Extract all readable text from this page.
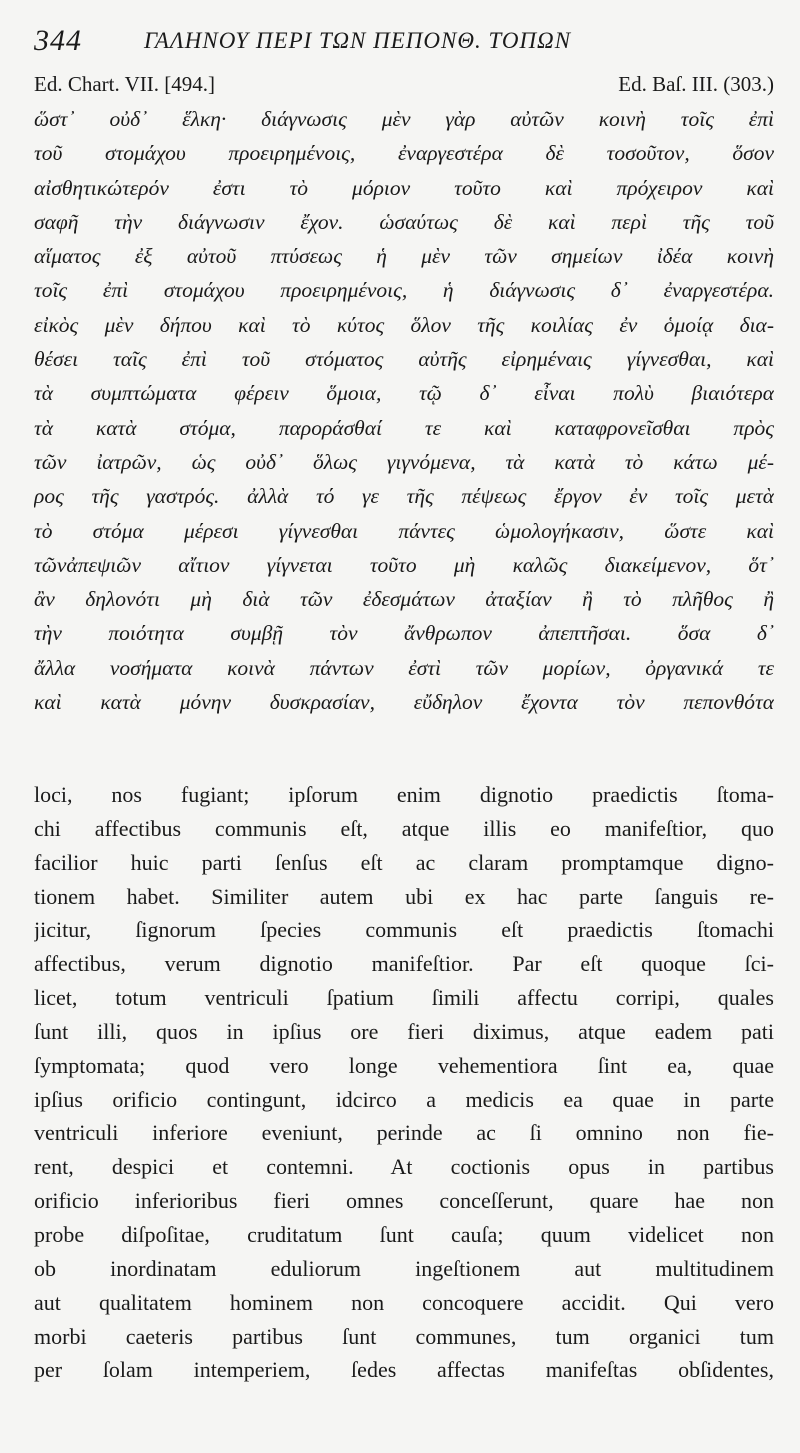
344	ΓΑΛΗΝΟΥ ΠΕΡΙ ΤΩΝ ΠΕΠΟΝΘ. ΤΟΠΩΝ
Ed. Chart. VII. [494.]	Ed. Baſ. III. (303.)
ὥστ᾽ οὐδ᾽ ἕλκη· διάγνωσις μὲν γὰρ αὐτῶν κοινὴ τοῖς ἐπὶ
τοῦ στομάχου προειρημένοις, ἐναργεστέρα δὲ τοσοῦτον, ὅσον
αἰσθητικώτερόν ἐστι τὸ μόριον τοῦτο καὶ πρόχειρον καὶ
σαφῆ τὴν διάγνωσιν ἔχον. ὡσαύτως δὲ καὶ περὶ τῆς τοῦ
αἵματος ἐξ αὐτοῦ πτύσεως ἡ μὲν τῶν σημείων ἰδέα κοινὴ
τοῖς ἐπὶ στομάχου προειρημένοις, ἡ διάγνωσις δ᾽ ἐναργεστέρα.
εἰκὸς μὲν δήπου καὶ τὸ κύτος ὅλον τῆς κοιλίας ἐν ὁμοίᾳ δια-
θέσει ταῖς ἐπὶ τοῦ στόματος αὐτῆς εἰρημέναις γίγνεσθαι, καὶ
τὰ συμπτώματα φέρειν ὅμοια, τῷ δ᾽ εἶναι πολὺ βιαιότερα
τὰ κατὰ στόμα, παροράσθαί τε καὶ καταφρονεῖσθαι πρὸς
τῶν ἰατρῶν, ὡς οὐδ᾽ ὅλως γιγνόμενα, τὰ κατὰ τὸ κάτω μέ-
ρος τῆς γαστρός. ἀλλὰ τό γε τῆς πέψεως ἔργον ἐν τοῖς μετὰ
τὸ στόμα μέρεσι γίγνεσθαι πάντες ὡμολογήκασιν, ὥστε καὶ
τῶνἀπεψιῶν αἴτιον γίγνεται τοῦτο μὴ καλῶς διακείμενον, ὅτ᾽
ἂν δηλονότι μὴ διὰ τῶν ἐδεσμάτων ἀταξίαν ἢ τὸ πλῆθος ἢ
τὴν ποιότητα συμβῇ τὸν ἄνθρωπον ἀπεπτῆσαι. ὅσα δ᾽
ἄλλα νοσήματα κοινὰ πάντων ἐστὶ τῶν μορίων, ὀργανικά τε
καὶ κατὰ μόνην δυσκρασίαν, εὔδηλον ἔχοντα τὸν πεπονθότα
loci, nos fugiant; ipſorum enim dignotio praedictis ſtoma-
chi affectibus communis eſt, atque illis eo manifeſtior, quo
facilior huic parti ſenſus eſt ac claram promptamque digno-
tionem habet. Similiter autem ubi ex hac parte ſanguis re-
jicitur, ſignorum ſpecies communis eſt praedictis ſtomachi
affectibus, verum dignotio manifeſtior. Par eſt quoque ſci-
licet, totum ventriculi ſpatium ſimili affectu corripi, quales
ſunt illi, quos in ipſius ore fieri diximus, atque eadem pati
ſymptomata; quod vero longe vehementiora ſint ea, quae
ipſius orificio contingunt, idcirco a medicis ea quae in parte
ventriculi inferiore eveniunt, perinde ac ſi omnino non fie-
rent, despici et contemni. At coctionis opus in partibus
orificio inferioribus fieri omnes conceſſerunt, quare hae non
probe diſpoſitae, cruditatum ſunt cauſa; quum videlicet non
ob inordinatam eduliorum ingeſtionem aut multitudinem
aut qualitatem hominem non concoquere accidit. Qui vero
morbi caeteris partibus ſunt communes, tum organici tum
per ſolam intemperiem, ſedes affectas manifeſtas obſidentes,
